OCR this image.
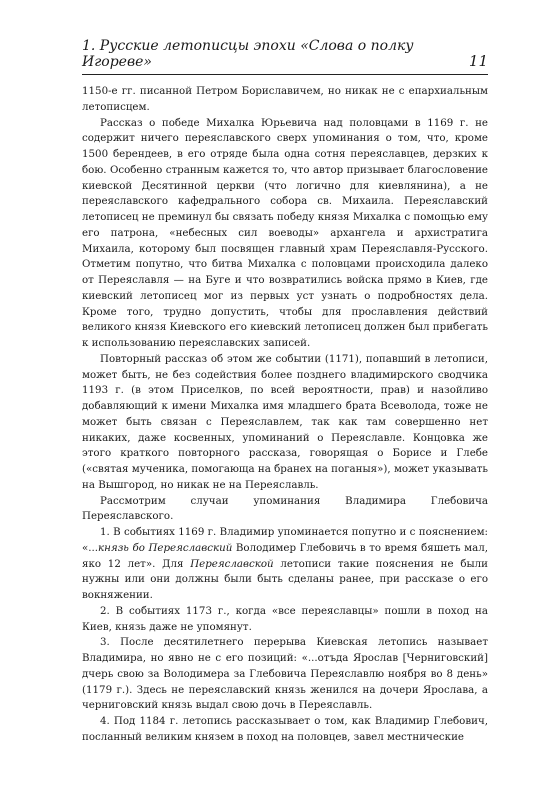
1. Русские летописцы эпохи «Слова о полку Игореве»	11

1150-е гг. писанной Петром Бориславичем, но никак не с епархиальным летописцем.

Рассказ о победе Михалка Юрьевича над половцами в 1169 г. не содержит ничего переяславского сверх упоминания о том, что, кроме 1500 берендеев, в его отряде была одна сотня переяславцев, дерзких к бою. Особенно странным кажется то, что автор призывает благословение киевской Десятинной церкви (что логично для киевлянина), а не переяславского кафедрального собора св. Михаила. Переяславский летописец не преминул бы связать победу князя Михалка с помощью ему его патрона, «небесных сил воеводы» архангела и архистратига Михаила, которому был посвящен главный храм Переяславля-Русского. Отметим попутно, что битва Михалка с половцами происходила далеко от Переяславля — на Буге и что возвратились войска прямо в Киев, где киевский летописец мог из первых уст узнать о подробностях дела. Кроме того, трудно допустить, чтобы для прославления действий великого князя Киевского его киевский летописец должен был прибегать к использованию переяславских записей.

Повторный рассказ об этом же событии (1171), попавший в летописи, может быть, не без содействия более позднего владимирского сводчика 1193 г. (в этом Приселков, по всей вероятности, прав) и назойливо добавляющий к имени Михалка имя младшего брата Всеволода, тоже не может быть связан с Переяславлем, так как там совершенно нет никаких, даже косвенных, упоминаний о Переяславле. Концовка же этого краткого повторного рассказа, говорящая о Борисе и Глебе («святая мученика, помогающа на бранех на поганыя»), может указывать на Вышгород, но никак не на Переяславль.

Рассмотрим случаи упоминания Владимира Глебовича Переяславского.

1. В событиях 1169 г. Владимир упоминается попутно и с пояснением: «...князь бо Переяславский Володимер Глебовичь в то время бяшеть мал, яко 12 лет». Для Переяславской летописи такие пояснения не были нужны или они должны были быть сделаны ранее, при рассказе о его вокняжении.

2. В событиях 1173 г., когда «все переяславцы» пошли в поход на Киев, князь даже не упомянут.

3. После десятилетнего перерыва Киевская летопись называет Владимира, но явно не с его позиций: «...отъда Ярослав [Черниговский] дчерь свою за Володимера за Глебовича Переяславлю ноября во 8 день» (1179 г.). Здесь не переяславский князь женился на дочери Ярослава, а черниговский князь выдал свою дочь в Переяславль.

4. Под 1184 г. летопись рассказывает о том, как Владимир Глебович, посланный великим князем в поход на половцев, завел местнические
